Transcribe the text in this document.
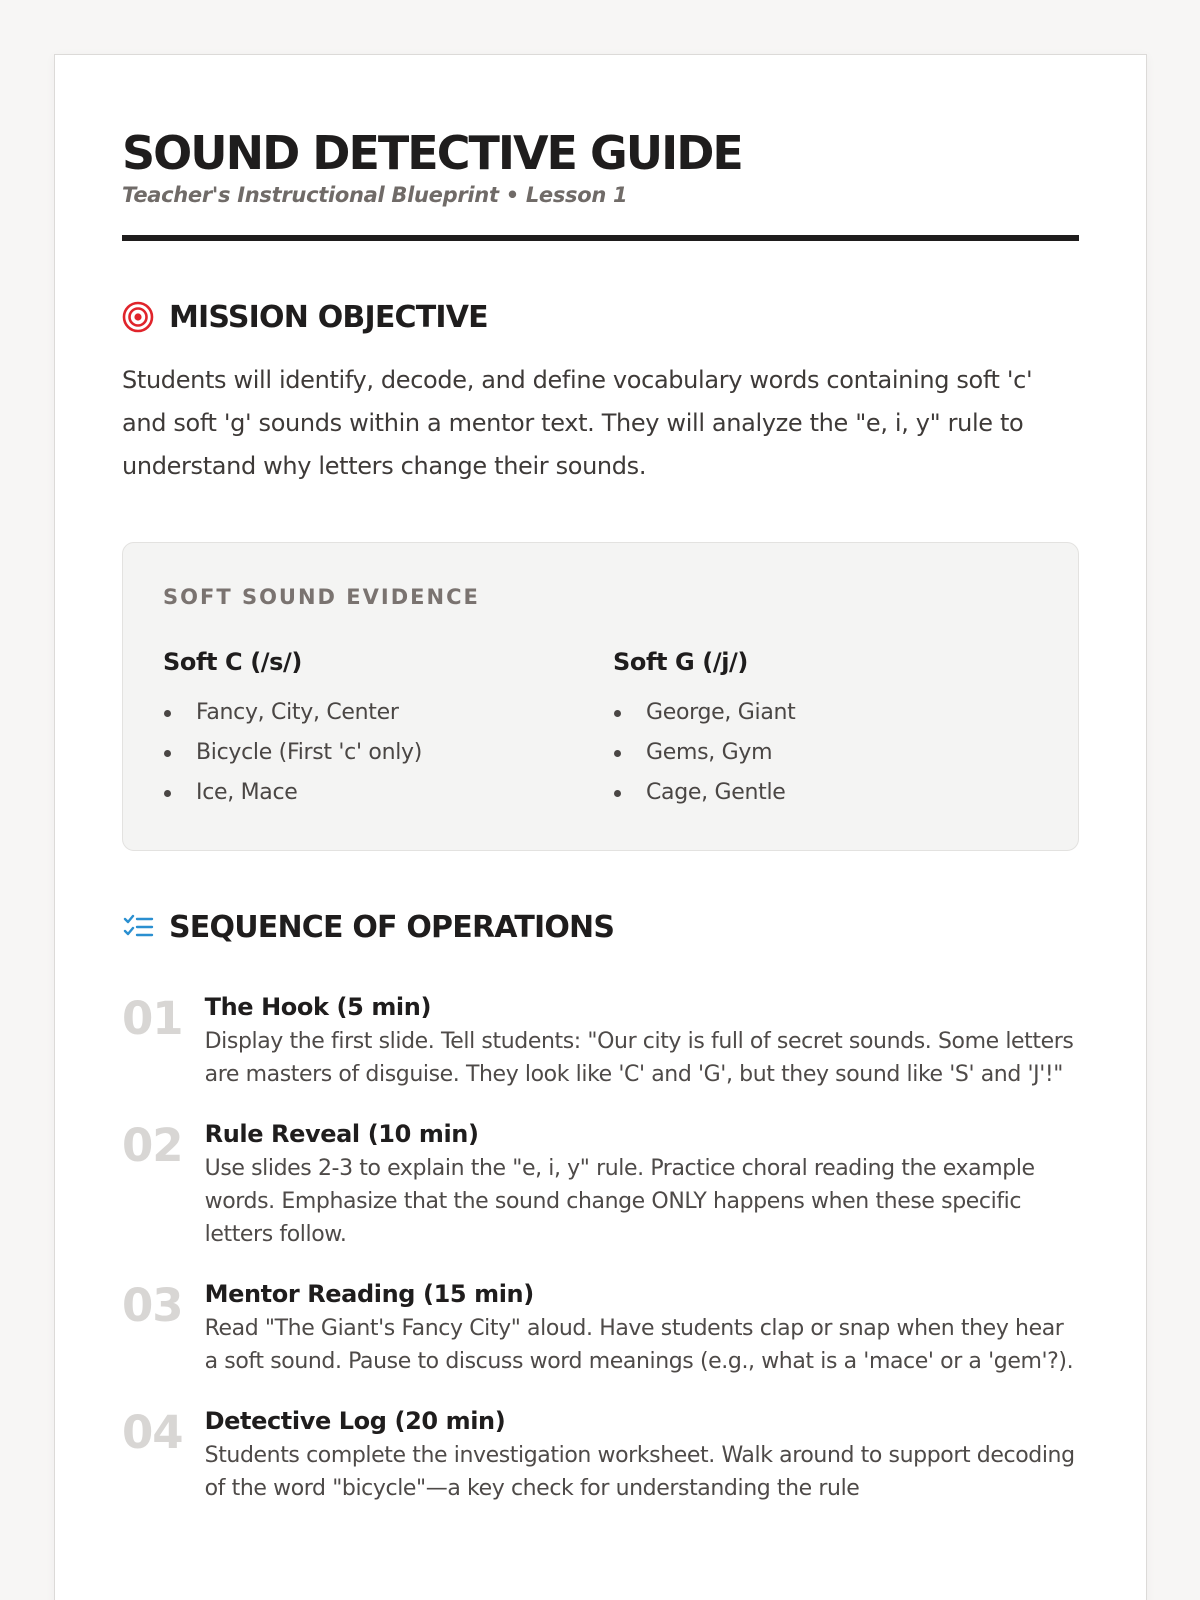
SOUND DETECTIVE GUIDE
Teacher's Instructional Blueprint • Lesson 1
MISSION OBJECTIVE

Students will identify, decode, and define vocabulary words containing soft 'c' and soft 'g' sounds within a mentor text. They will analyze the "e, i, y" rule to understand why letters change their sounds.

SOFT SOUND EVIDENCE
Soft C (/s/)
Fancy, City, Center
Bicycle (First 'c' only)
Ice, Mace
Soft G (/j/)
George, Giant
Gems, Gym
Cage, Gentle
SEQUENCE OF OPERATIONS
01 The Hook (5 min)
Display the first slide. Tell students: "Our city is full of secret sounds. Some letters are masters of disguise. They look like 'C' and 'G', but they sound like 'S' and 'J'!"
02 Rule Reveal (10 min)
Use slides 2-3 to explain the "e, i, y" rule. Practice choral reading the example words. Emphasize that the sound change ONLY happens when these specific letters follow.
03 Mentor Reading (15 min)
Read "The Giant's Fancy City" aloud. Have students clap or snap when they hear a soft sound. Pause to discuss word meanings (e.g., what is a 'mace' or a 'gem'?).
04 Detective Log (20 min)
Students complete the investigation worksheet. Walk around to support decoding of the word "bicycle"—a key check for understanding the rule
